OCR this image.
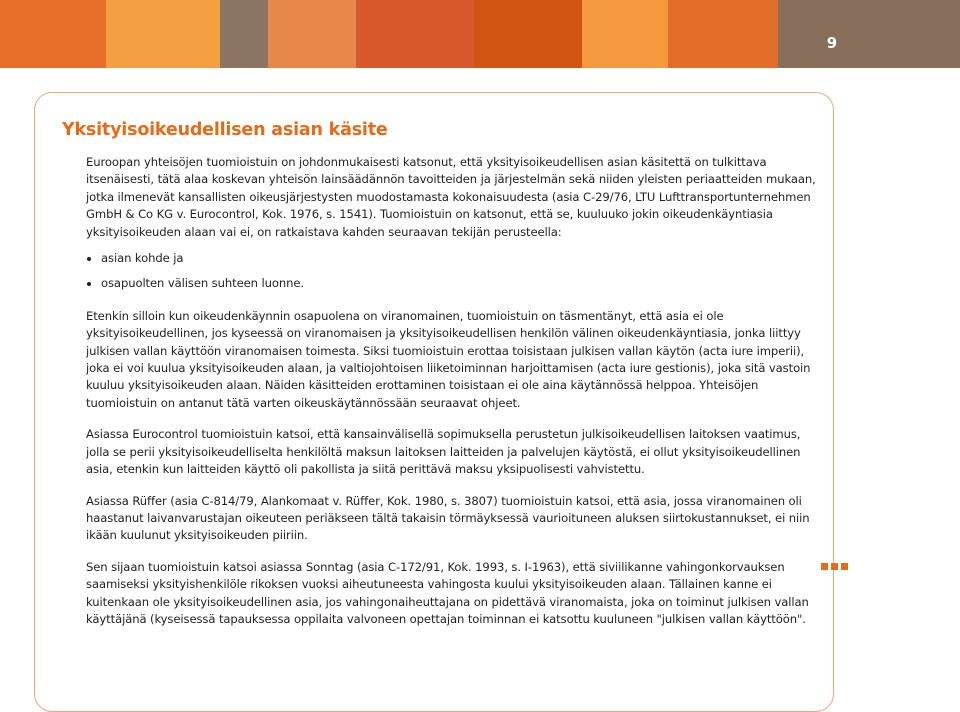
9
Yksityisoikeudellisen asian käsite

Euroopan yhteisöjen tuomioistuin on johdonmukaisesti katsonut, että yksityisoikeudellisen asian käsitettä on tulkittava itsenäisesti, tätä alaa koskevan yhteisön lainsäädännön tavoitteiden ja järjestelmän sekä niiden yleisten periaatteiden mukaan, jotka ilmenevät kansallisten oikeusjärjestysten muodostamasta kokonaisuudesta (asia C-29/76, LTU Lufttransportunternehmen GmbH & Co KG v. Eurocontrol, Kok. 1976, s. 1541). Tuomioistuin on katsonut, että se, kuuluuko jokin oikeudenkäyntiasia yksityisoikeuden alaan vai ei, on ratkaistava kahden seuraavan tekijän perusteella:

asian kohde ja
osapuolten välisen suhteen luonne.

Etenkin silloin kun oikeudenkäynnin osapuolena on viranomainen, tuomioistuin on täsmentänyt, että asia ei ole yksityisoikeudellinen, jos kyseessä on viranomaisen ja yksityisoikeudellisen henkilön välinen oikeudenkäyntiasia, jonka liittyy julkisen vallan käyttöön viranomaisen toimesta. Siksi tuomioistuin erottaa toisistaan julkisen vallan käytön (acta iure imperii), joka ei voi kuulua yksityisoikeuden alaan, ja valtiojohtoisen liiketoiminnan harjoittamisen (acta iure gestionis), joka sitä vastoin kuuluu yksityisoikeuden alaan. Näiden käsitteiden erottaminen toisistaan ei ole aina käytännössä helppoa. Yhteisöjen tuomioistuin on antanut tätä varten oikeuskäytännössään seuraavat ohjeet.

Asiassa Eurocontrol tuomioistuin katsoi, että kansainvälisellä sopimuksella perustetun julkisoikeudellisen laitoksen vaatimus, jolla se perii yksityisoikeudelliselta henkilöltä maksun laitoksen laitteiden ja palvelujen käytöstä, ei ollut yksityisoikeudellinen asia, etenkin kun laitteiden käyttö oli pakollista ja siitä perittävä maksu yksipuolisesti vahvistettu.

Asiassa Rüffer (asia C-814/79, Alankomaat v. Rüffer, Kok. 1980, s. 3807) tuomioistuin katsoi, että asia, jossa viranomainen oli haastanut laivanvarustajan oikeuteen periäkseen tältä takaisin törmäyksessä vaurioituneen aluksen siirtokustannukset, ei niin ikään kuulunut yksityisoikeuden piiriin.

Sen sijaan tuomioistuin katsoi asiassa Sonntag (asia C-172/91, Kok. 1993, s. I-1963), että siviilikanne vahingonkorvauksen saamiseksi yksityishenkilöle rikoksen vuoksi aiheutuneesta vahingosta kuului yksityisoikeuden alaan. Tällainen kanne ei kuitenkaan ole yksityisoikeudellinen asia, jos vahingonaiheuttajana on pidettävä viranomaista, joka on toiminut julkisen vallan käyttäjänä (kyseisessä tapauksessa oppilaita valvoneen opettajan toiminnan ei katsottu kuuluneen "julkisen vallan käyttöön".
